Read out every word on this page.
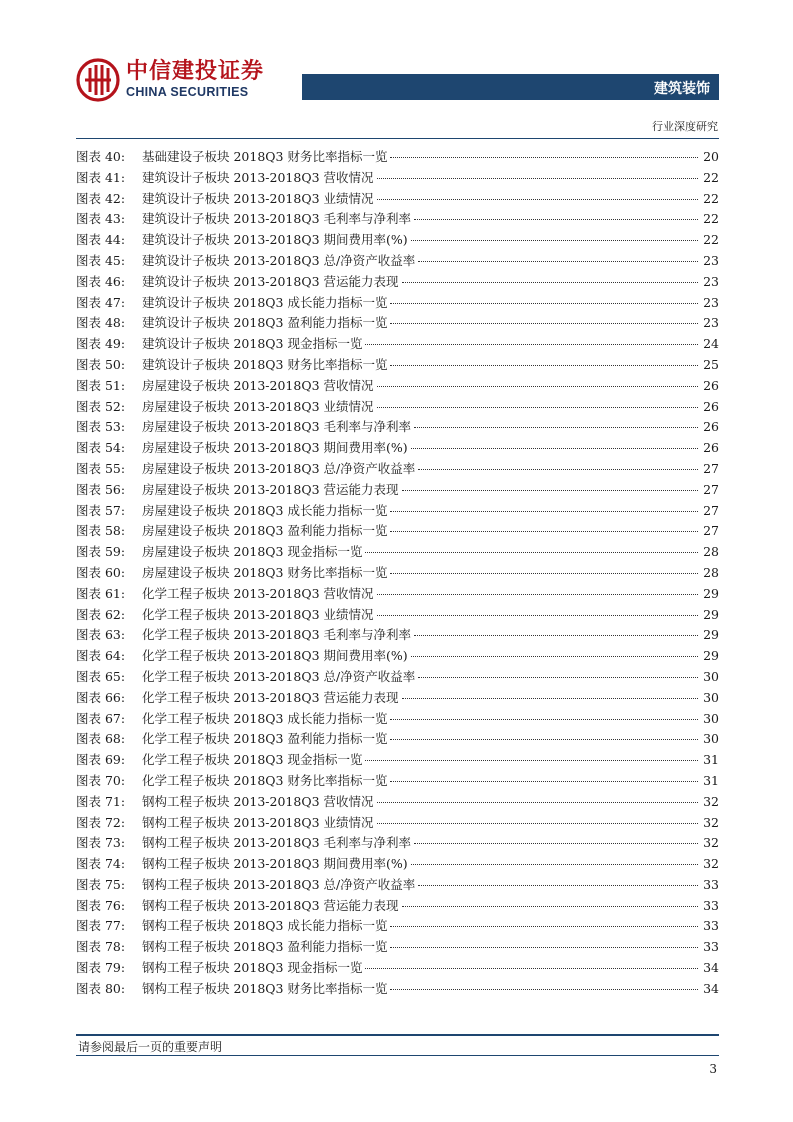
中信建投证券
CHINA SECURITIES	建筑装饰
行业深度研究
图表 40:	基础建设子板块 2018Q3 财务比率指标一览	20
图表 41:	建筑设计子板块 2013-2018Q3 营收情况	22
图表 42:	建筑设计子板块 2013-2018Q3 业绩情况	22
图表 43:	建筑设计子板块 2013-2018Q3 毛利率与净利率	22
图表 44:	建筑设计子板块 2013-2018Q3 期间费用率(%)	22
图表 45:	建筑设计子板块 2013-2018Q3 总/净资产收益率	23
图表 46:	建筑设计子板块 2013-2018Q3 营运能力表现	23
图表 47:	建筑设计子板块 2018Q3 成长能力指标一览	23
图表 48:	建筑设计子板块 2018Q3 盈利能力指标一览	23
图表 49:	建筑设计子板块 2018Q3 现金指标一览	24
图表 50:	建筑设计子板块 2018Q3 财务比率指标一览	25
图表 51:	房屋建设子板块 2013-2018Q3 营收情况	26
图表 52:	房屋建设子板块 2013-2018Q3 业绩情况	26
图表 53:	房屋建设子板块 2013-2018Q3 毛利率与净利率	26
图表 54:	房屋建设子板块 2013-2018Q3 期间费用率(%)	26
图表 55:	房屋建设子板块 2013-2018Q3 总/净资产收益率	27
图表 56:	房屋建设子板块 2013-2018Q3 营运能力表现	27
图表 57:	房屋建设子板块 2018Q3 成长能力指标一览	27
图表 58:	房屋建设子板块 2018Q3 盈利能力指标一览	27
图表 59:	房屋建设子板块 2018Q3 现金指标一览	28
图表 60:	房屋建设子板块 2018Q3 财务比率指标一览	28
图表 61:	化学工程子板块 2013-2018Q3 营收情况	29
图表 62:	化学工程子板块 2013-2018Q3 业绩情况	29
图表 63:	化学工程子板块 2013-2018Q3 毛利率与净利率	29
图表 64:	化学工程子板块 2013-2018Q3 期间费用率(%)	29
图表 65:	化学工程子板块 2013-2018Q3 总/净资产收益率	30
图表 66:	化学工程子板块 2013-2018Q3 营运能力表现	30
图表 67:	化学工程子板块 2018Q3 成长能力指标一览	30
图表 68:	化学工程子板块 2018Q3 盈利能力指标一览	30
图表 69:	化学工程子板块 2018Q3 现金指标一览	31
图表 70:	化学工程子板块 2018Q3 财务比率指标一览	31
图表 71:	钢构工程子板块 2013-2018Q3 营收情况	32
图表 72:	钢构工程子板块 2013-2018Q3 业绩情况	32
图表 73:	钢构工程子板块 2013-2018Q3 毛利率与净利率	32
图表 74:	钢构工程子板块 2013-2018Q3 期间费用率(%)	32
图表 75:	钢构工程子板块 2013-2018Q3 总/净资产收益率	33
图表 76:	钢构工程子板块 2013-2018Q3 营运能力表现	33
图表 77:	钢构工程子板块 2018Q3 成长能力指标一览	33
图表 78:	钢构工程子板块 2018Q3 盈利能力指标一览	33
图表 79:	钢构工程子板块 2018Q3 现金指标一览	34
图表 80:	钢构工程子板块 2018Q3 财务比率指标一览	34
请参阅最后一页的重要声明
3
